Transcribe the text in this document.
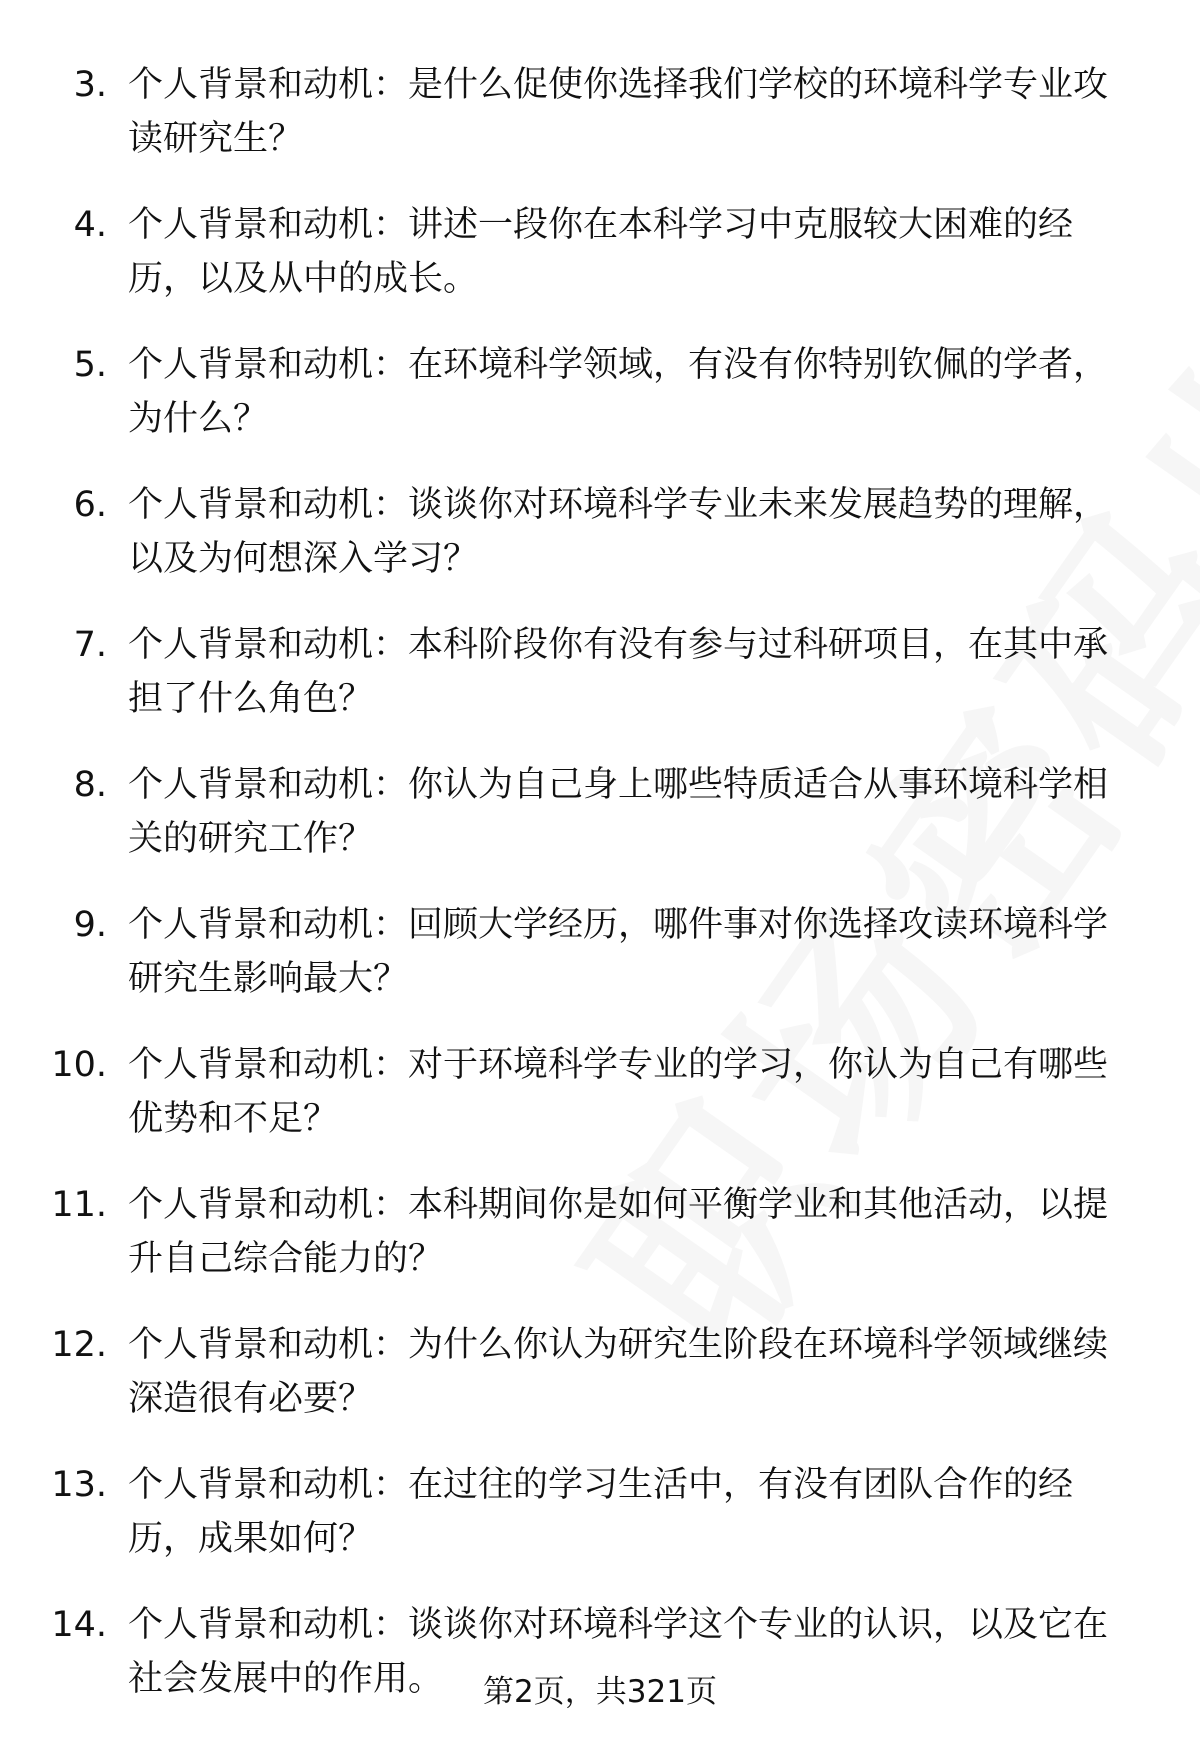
3. 个人背景和动机：是什么促使你选择我们学校的环境科学专业攻读研究生？
4. 个人背景和动机：讲述一段你在本科学习中克服较大困难的经历，以及从中的成长。
5. 个人背景和动机：在环境科学领域，有没有你特别钦佩的学者，为什么？
6. 个人背景和动机：谈谈你对环境科学专业未来发展趋势的理解，以及为何想深入学习？
7. 个人背景和动机：本科阶段你有没有参与过科研项目，在其中承担了什么角色？
8. 个人背景和动机：你认为自己身上哪些特质适合从事环境科学相关的研究工作？
9. 个人背景和动机：回顾大学经历，哪件事对你选择攻读环境科学研究生影响最大？
10. 个人背景和动机：对于环境科学专业的学习，你认为自己有哪些优势和不足？
11. 个人背景和动机：本科期间你是如何平衡学业和其他活动，以提升自己综合能力的？
12. 个人背景和动机：为什么你认为研究生阶段在环境科学领域继续深造很有必要？
13. 个人背景和动机：在过往的学习生活中，有没有团队合作的经历，成果如何？
14. 个人背景和动机：谈谈你对环境科学这个专业的认识，以及它在社会发展中的作用。	第2页，共321页
